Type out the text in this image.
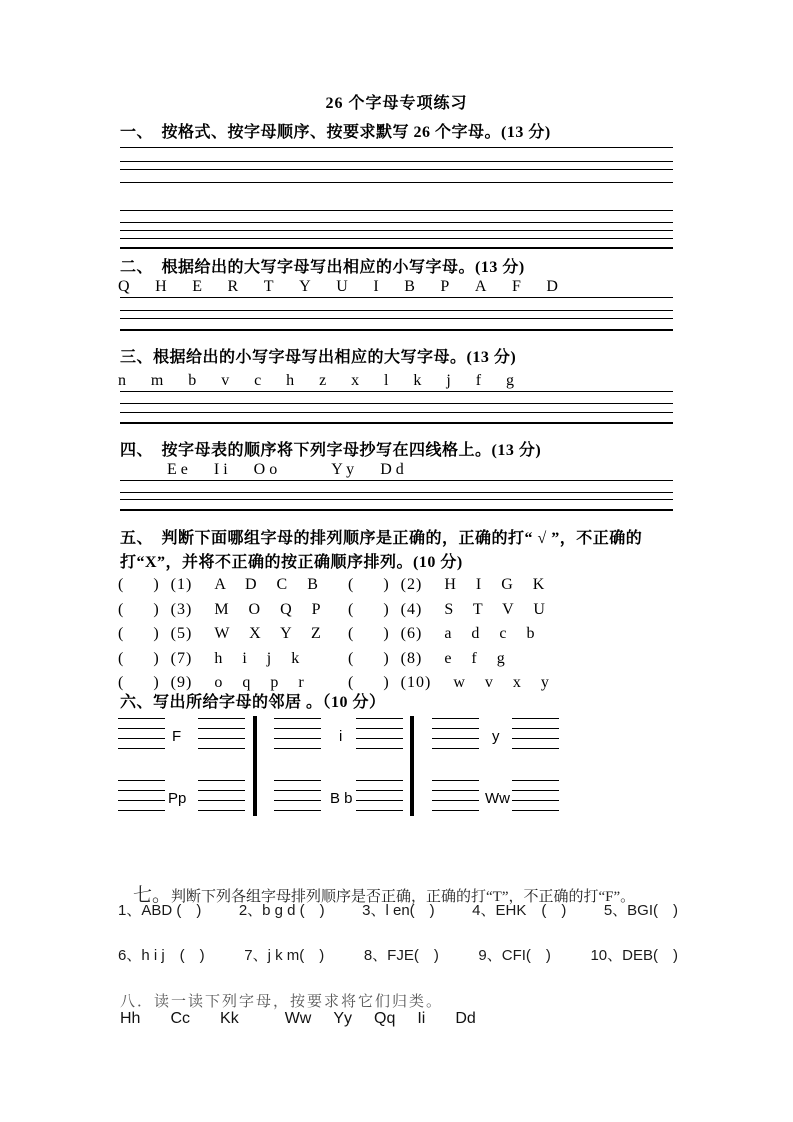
26 个字母专项练习
一、　按格式、按字母顺序、按要求默写 26 个字母。(13 分)
二、　根据给出的大写字母写出相应的小写字母。(13 分)
Q H E R T Y U I B P A F D
三、根据给出的小写字母写出相应的大写字母。(13 分)
n m b v c h z x l k j f g
四、　按字母表的顺序将下列字母抄写在四线格上。(13 分)
E e I i O o	Y y D d
五、　判断下面哪组字母的排列顺序是正确的，正确的打“ √ ”，不正确的
打“X”，并将不正确的按正确顺序排列。(10 分)
( ) (1) A D C B ( ) (2) H I G K
( ) (3) M O Q P ( ) (4) S T V U
( ) (5) W X Y Z ( ) (6) a d c b
( ) (7) h i j k	( ) (8) e f g
( ) (9) o q p r	( ) (10) w v x y
六、写出所给字母的邻居 。（10 分）
F	i	y
Pp	B b	Ww

七。判断下列各组字母排列顺序是否正确，正确的打“T”，不正确的打“F”。

1、ABD (　) 2、b g d (　) 3、l en(　) 4、EHK　(　) 5、BGI(　)
6、h i j　(　)	7、j k m(　)	8、FJE(　)	9、CFI(　)	10、DEB(　)
八．读一读下列字母，按要求将它们归类。
Hh Cc Kk	Ww Yy Qq Ii Dd
